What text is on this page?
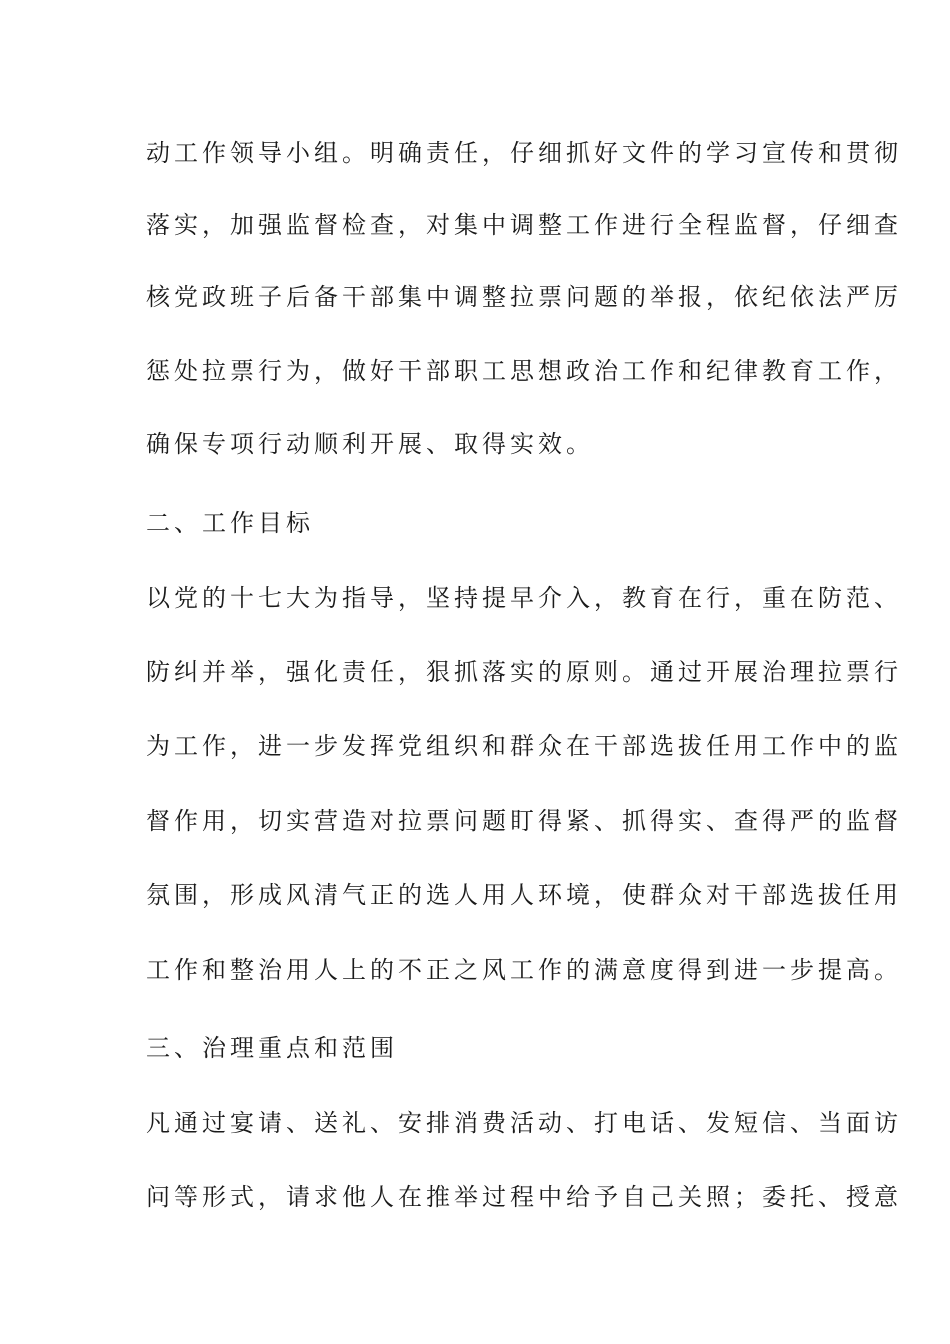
动工作领导小组。明确责任，仔细抓好文件的学习宣传和贯彻
落实，加强监督检查，对集中调整工作进行全程监督，仔细查
核党政班子后备干部集中调整拉票问题的举报，依纪依法严厉
惩处拉票行为，做好干部职工思想政治工作和纪律教育工作，
确保专项行动顺利开展、取得实效。
二、工作目标
以党的十七大为指导，坚持提早介入，教育在行，重在防范、
防纠并举，强化责任，狠抓落实的原则。通过开展治理拉票行
为工作，进一步发挥党组织和群众在干部选拔任用工作中的监
督作用，切实营造对拉票问题盯得紧、抓得实、查得严的监督
氛围，形成风清气正的选人用人环境，使群众对干部选拔任用
工作和整治用人上的不正之风工作的满意度得到进一步提高。
三、治理重点和范围
凡通过宴请、送礼、安排消费活动、打电话、发短信、当面访
问等形式，请求他人在推举过程中给予自己关照；委托、授意
